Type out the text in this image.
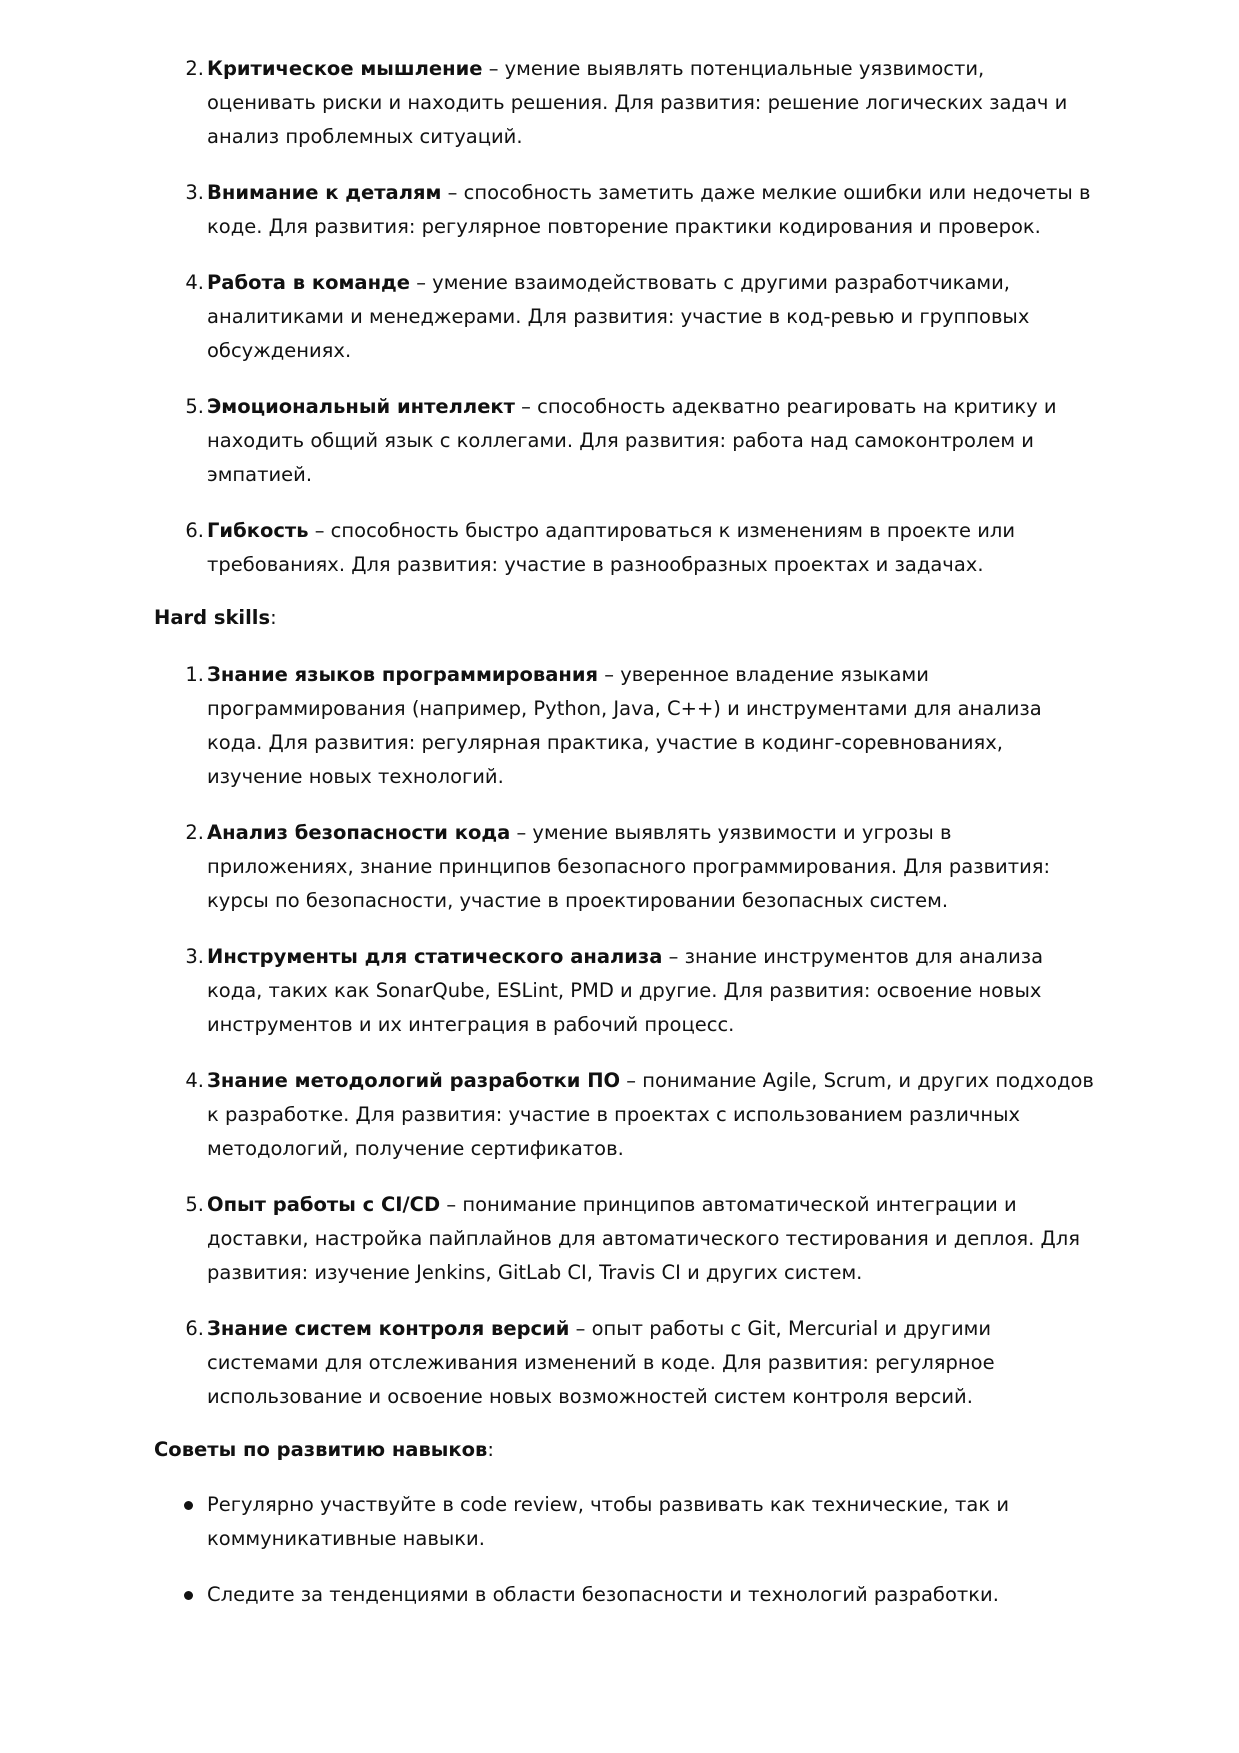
2. Критическое мышление – умение выявлять потенциальные уязвимости, оценивать риски и находить решения. Для развития: решение логических задач и анализ проблемных ситуаций.
3. Внимание к деталям – способность заметить даже мелкие ошибки или недочеты в коде. Для развития: регулярное повторение практики кодирования и проверок.
4. Работа в команде – умение взаимодействовать с другими разработчиками, аналитиками и менеджерами. Для развития: участие в код-ревью и групповых обсуждениях.
5. Эмоциональный интеллект – способность адекватно реагировать на критику и находить общий язык с коллегами. Для развития: работа над самоконтролем и эмпатией.
6. Гибкость – способность быстро адаптироваться к изменениям в проекте или требованиях. Для развития: участие в разнообразных проектах и задачах.
Hard skills:
1. Знание языков программирования – уверенное владение языками программирования (например, Python, Java, C++) и инструментами для анализа кода. Для развития: регулярная практика, участие в кодинг-соревнованиях, изучение новых технологий.
2. Анализ безопасности кода – умение выявлять уязвимости и угрозы в приложениях, знание принципов безопасного программирования. Для развития: курсы по безопасности, участие в проектировании безопасных систем.
3. Инструменты для статического анализа – знание инструментов для анализа кода, таких как SonarQube, ESLint, PMD и другие. Для развития: освоение новых инструментов и их интеграция в рабочий процесс.
4. Знание методологий разработки ПО – понимание Agile, Scrum, и других подходов к разработке. Для развития: участие в проектах с использованием различных методологий, получение сертификатов.
5. Опыт работы с CI/CD – понимание принципов автоматической интеграции и доставки, настройка пайплайнов для автоматического тестирования и деплоя. Для развития: изучение Jenkins, GitLab CI, Travis CI и других систем.
6. Знание систем контроля версий – опыт работы с Git, Mercurial и другими системами для отслеживания изменений в коде. Для развития: регулярное использование и освоение новых возможностей систем контроля версий.
Советы по развитию навыков:
Регулярно участвуйте в code review, чтобы развивать как технические, так и коммуникативные навыки.
Следите за тенденциями в области безопасности и технологий разработки.
